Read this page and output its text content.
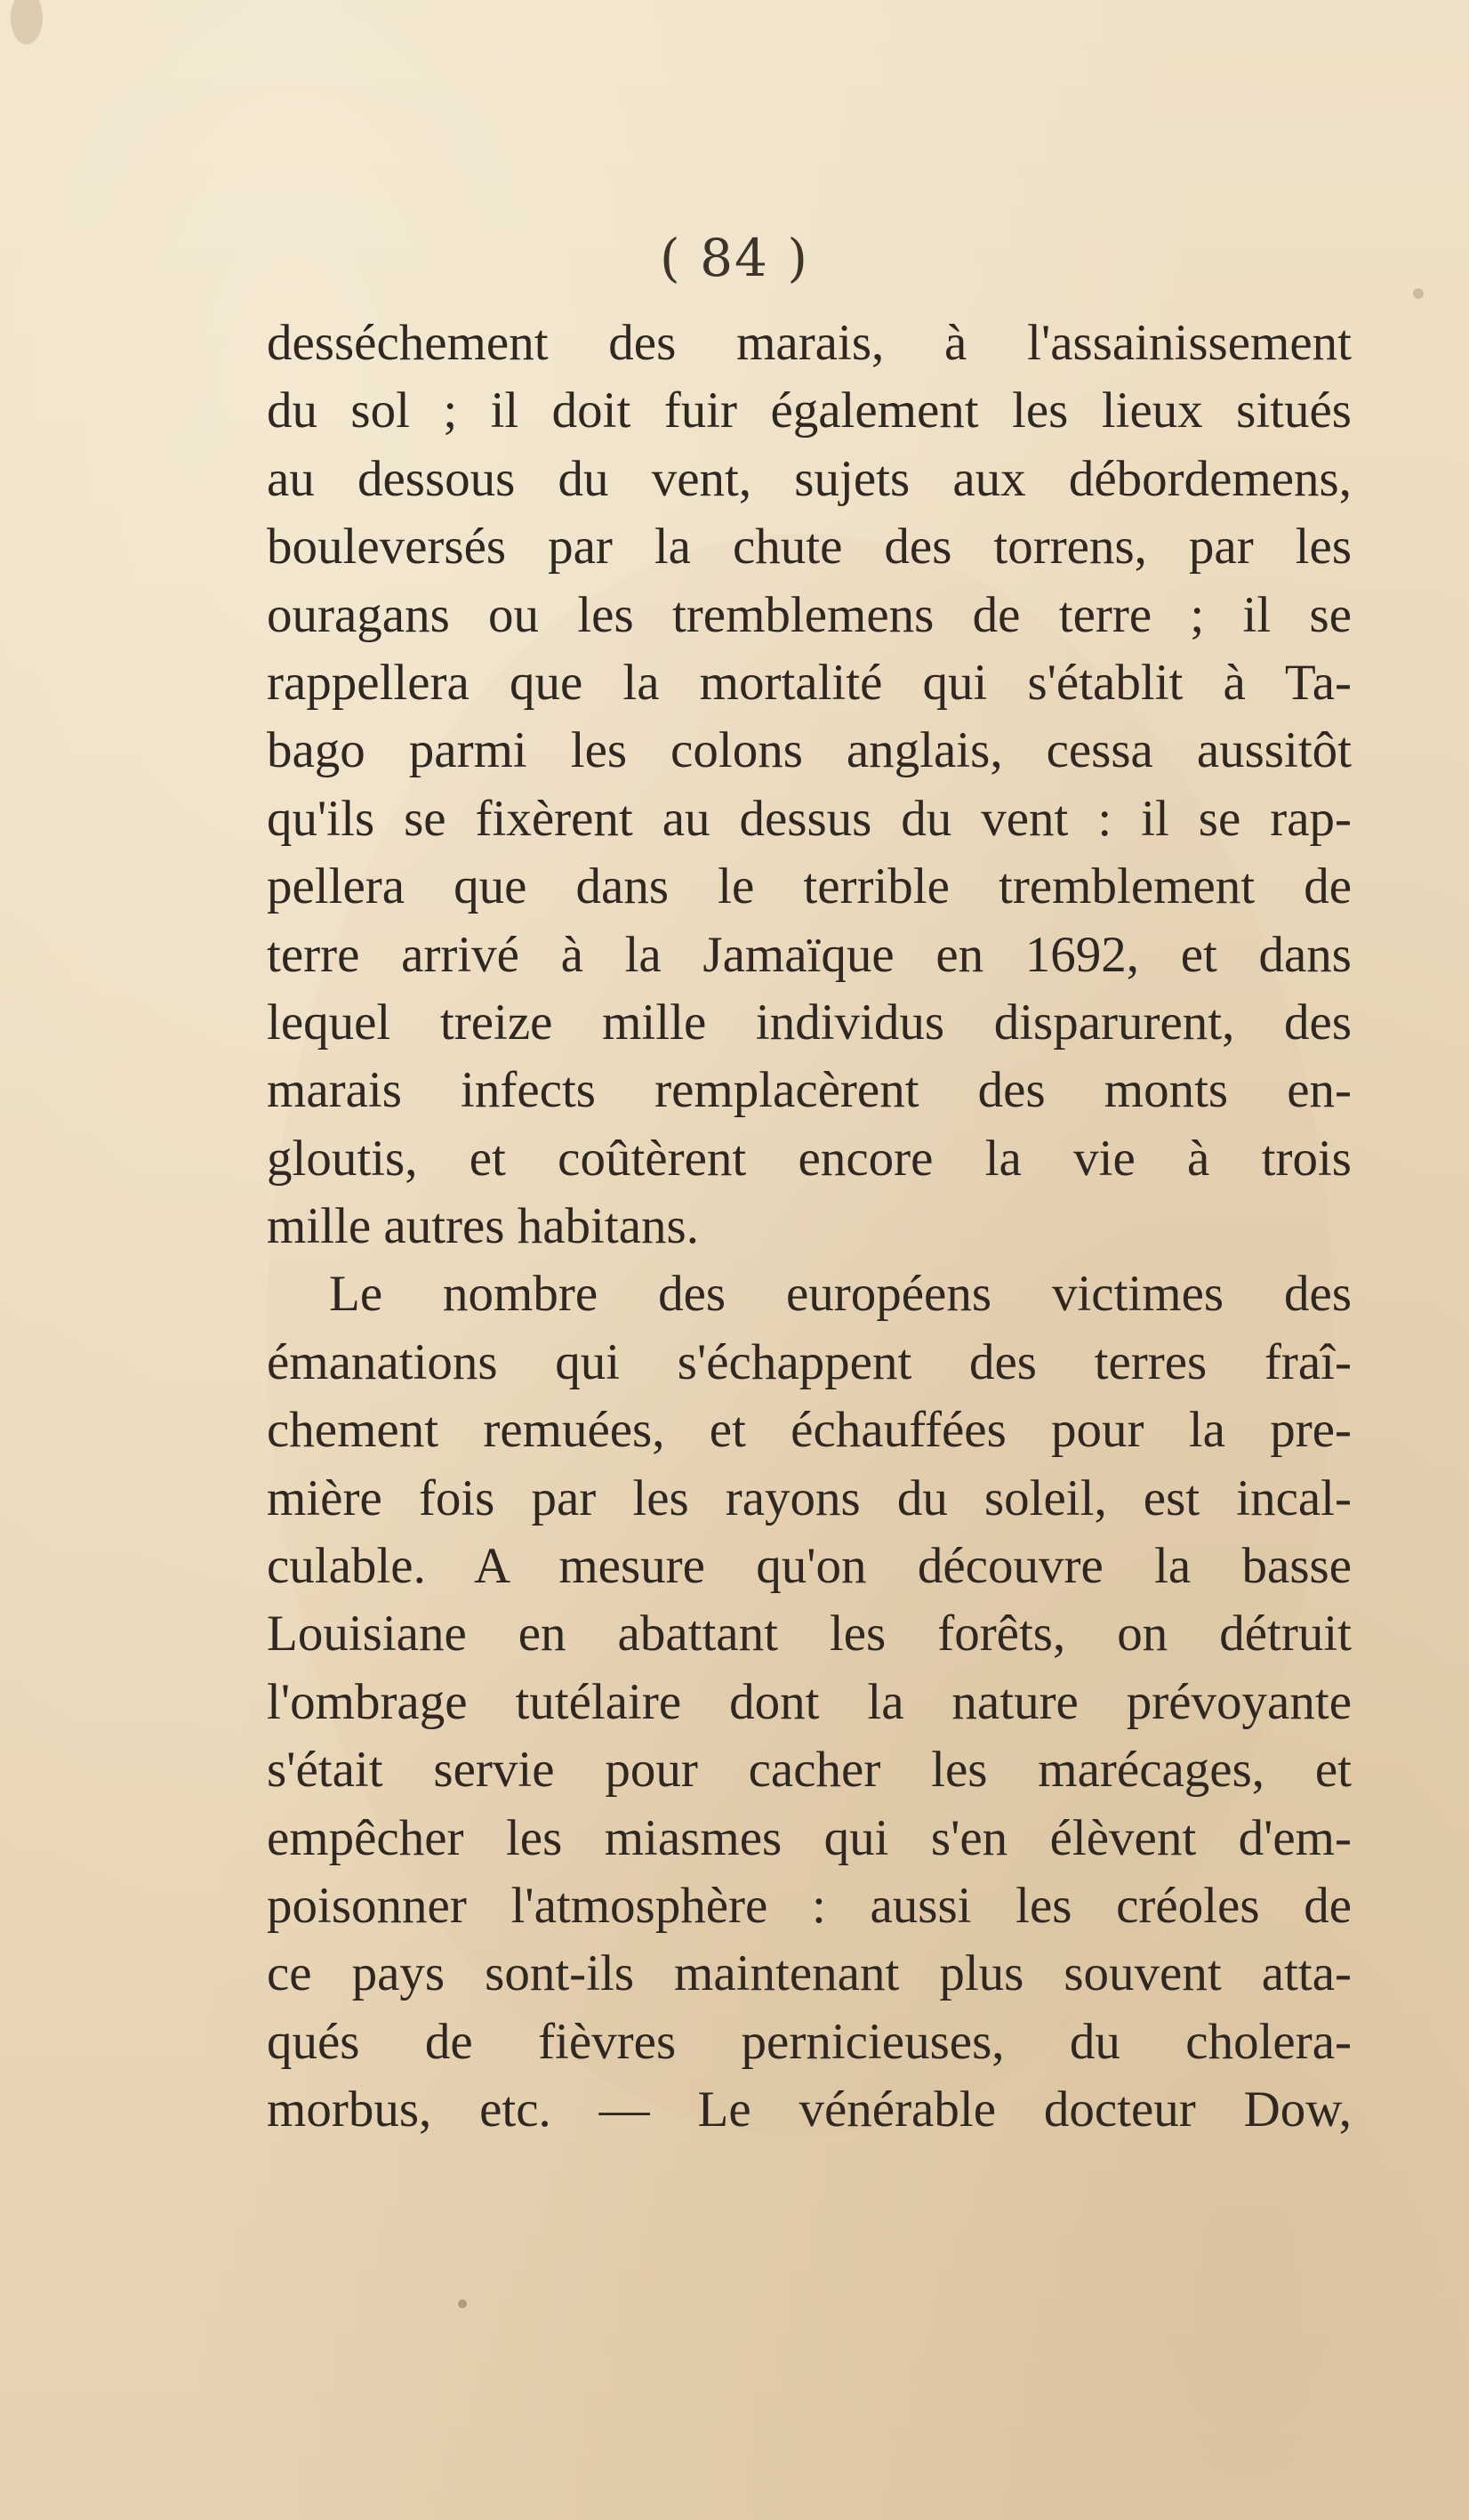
( 84 )
desséchement des marais, à l'assainissement
du sol ; il doit fuir également les lieux situés
au dessous du vent, sujets aux débordemens,
bouleversés par la chute des torrens, par les
ouragans ou les tremblemens de terre ; il se
rappellera que la mortalité qui s'établit à Ta-
bago parmi les colons anglais, cessa aussitôt
qu'ils se fixèrent au dessus du vent : il se rap-
pellera que dans le terrible tremblement de
terre arrivé à la Jamaïque en 1692, et dans
lequel treize mille individus disparurent, des
marais infects remplacèrent des monts en-
gloutis, et coûtèrent encore la vie à trois
mille autres habitans.
Le nombre des européens victimes des
émanations qui s'échappent des terres fraî-
chement remuées, et échauffées pour la pre-
mière fois par les rayons du soleil, est incal-
culable. A mesure qu'on découvre la basse
Louisiane en abattant les forêts, on détruit
l'ombrage tutélaire dont la nature prévoyante
s'était servie pour cacher les marécages, et
empêcher les miasmes qui s'en élèvent d'em-
poisonner l'atmosphère : aussi les créoles de
ce pays sont-ils maintenant plus souvent atta-
qués de fièvres pernicieuses, du cholera-
morbus, etc. — Le vénérable docteur Dow,
